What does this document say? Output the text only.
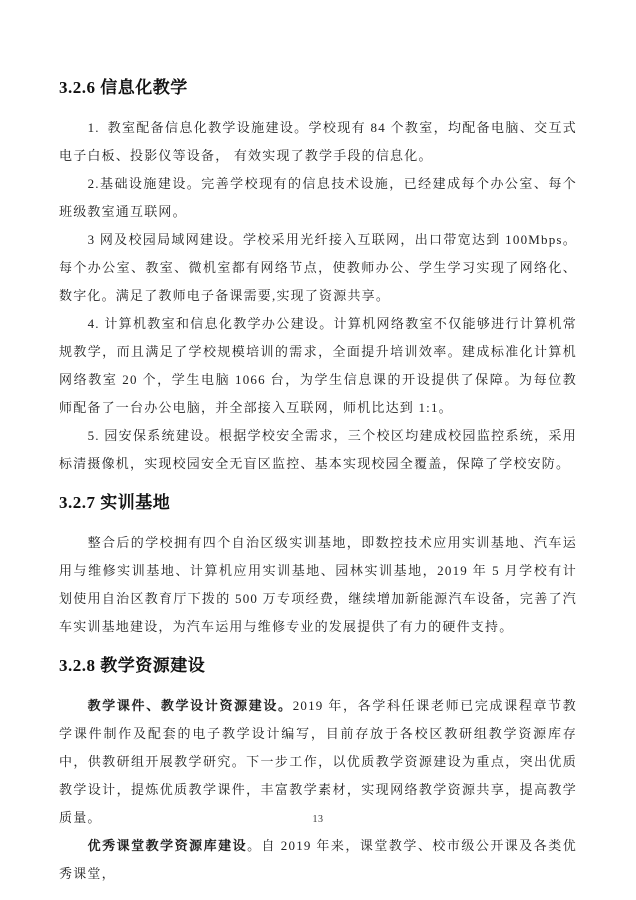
3.2.6 信息化教学

1. 教室配备信息化教学设施建设。学校现有 84 个教室，均配备电脑、交互式电子白板、投影仪等设备， 有效实现了教学手段的信息化。

2.基础设施建设。完善学校现有的信息技术设施，已经建成每个办公室、每个班级教室通互联网。

3 网及校园局域网建设。学校采用光纤接入互联网，出口带宽达到 100Mbps。每个办公室、教室、微机室都有网络节点，使教师办公、学生学习实现了网络化、数字化。满足了教师电子备课需要,实现了资源共享。

4. 计算机教室和信息化教学办公建设。计算机网络教室不仅能够进行计算机常规教学，而且满足了学校规模培训的需求，全面提升培训效率。建成标准化计算机网络教室 20 个，学生电脑 1066 台，为学生信息课的开设提供了保障。为每位教师配备了一台办公电脑，并全部接入互联网，师机比达到 1:1。

5. 园安保系统建设。根据学校安全需求，三个校区均建成校园监控系统，采用标清摄像机，实现校园安全无盲区监控、基本实现校园全覆盖，保障了学校安防。

3.2.7 实训基地

整合后的学校拥有四个自治区级实训基地，即数控技术应用实训基地、汽车运用与维修实训基地、计算机应用实训基地、园林实训基地，2019 年 5 月学校有计划使用自治区教育厅下拨的 500 万专项经费，继续增加新能源汽车设备，完善了汽车实训基地建设，为汽车运用与维修专业的发展提供了有力的硬件支持。

3.2.8 教学资源建设

教学课件、教学设计资源建设。2019 年，各学科任课老师已完成课程章节教学课件制作及配套的电子教学设计编写，目前存放于各校区教研组教学资源库存中，供教研组开展教学研究。下一步工作，以优质教学资源建设为重点，突出优质教学设计，提炼优质教学课件，丰富教学素材，实现网络教学资源共享，提高教学质量。

优秀课堂教学资源库建设。自 2019 年来，课堂教学、校市级公开课及各类优秀课堂，

13
